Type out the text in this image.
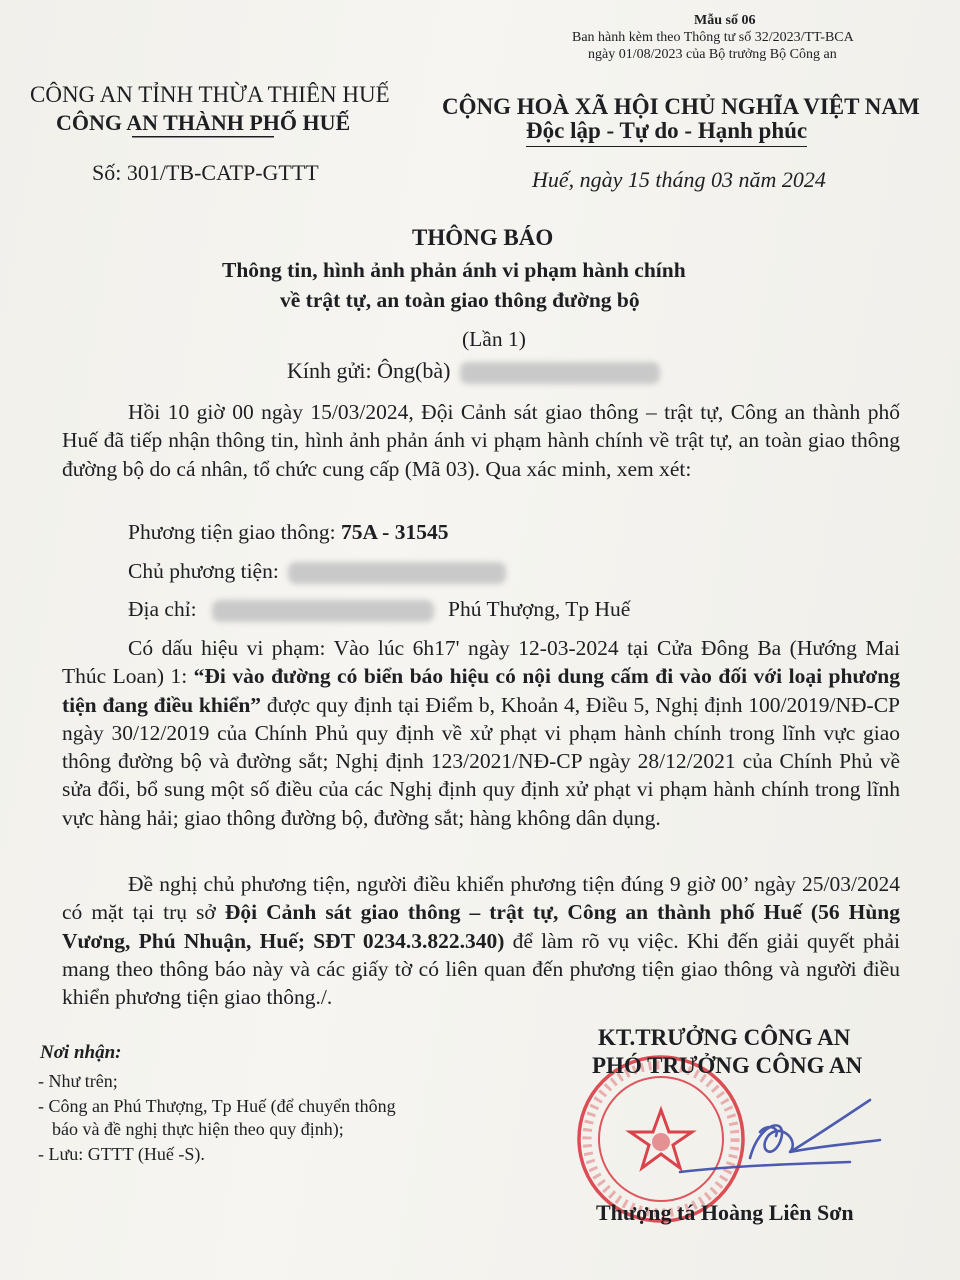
Mẫu số 06
Ban hành kèm theo Thông tư số 32/2023/TT-BCA
ngày 01/08/2023 của Bộ trưởng Bộ Công an
CÔNG AN TỈNH THỪA THIÊN HUẾ
CÔNG AN THÀNH PHỐ HUẾ
Số: 301/TB-CATP-GTTT
CỘNG HOÀ XÃ HỘI CHỦ NGHĨA VIỆT NAM
Độc lập - Tự do - Hạnh phúc
Huế, ngày 15 tháng 03 năm 2024
THÔNG BÁO
Thông tin, hình ảnh phản ánh vi phạm hành chính
về trật tự, an toàn giao thông đường bộ
(Lần 1)
Kính gửi: Ông(bà)
Hồi 10 giờ 00 ngày 15/03/2024, Đội Cảnh sát giao thông – trật tự, Công an thành phố Huế đã tiếp nhận thông tin, hình ảnh phản ánh vi phạm hành chính về trật tự, an toàn giao thông đường bộ do cá nhân, tổ chức cung cấp (Mã 03). Qua xác minh, xem xét:
Phương tiện giao thông: 75A - 31545
Chủ phương tiện:
Địa chỉ:	Phú Thượng, Tp Huế
Có dấu hiệu vi phạm: Vào lúc 6h17' ngày 12-03-2024 tại Cửa Đông Ba (Hướng Mai Thúc Loan) 1: “Đi vào đường có biển báo hiệu có nội dung cấm đi vào đối với loại phương tiện đang điều khiển” được quy định tại Điểm b, Khoản 4, Điều 5, Nghị định 100/2019/NĐ-CP ngày 30/12/2019 của Chính Phủ quy định về xử phạt vi phạm hành chính trong lĩnh vực giao thông đường bộ và đường sắt; Nghị định 123/2021/NĐ-CP ngày 28/12/2021 của Chính Phủ về sửa đổi, bổ sung một số điều của các Nghị định quy định xử phạt vi phạm hành chính trong lĩnh vực hàng hải; giao thông đường bộ, đường sắt; hàng không dân dụng.
Đề nghị chủ phương tiện, người điều khiển phương tiện đúng 9 giờ 00’ ngày 25/03/2024 có mặt tại trụ sở Đội Cảnh sát giao thông – trật tự, Công an thành phố Huế (56 Hùng Vương, Phú Nhuận, Huế; SĐT 0234.3.822.340) để làm rõ vụ việc. Khi đến giải quyết phải mang theo thông báo này và các giấy tờ có liên quan đến phương tiện giao thông và người điều khiển phương tiện giao thông./.
Nơi nhận:
- Như trên;
- Công an Phú Thượng, Tp Huế (để chuyển thông
báo và đề nghị thực hiện theo quy định);
- Lưu: GTTT (Huế -S).
KT.TRƯỞNG CÔNG AN
PHÓ TRƯỞNG CÔNG AN
Thượng tá Hoàng Liên Sơn
